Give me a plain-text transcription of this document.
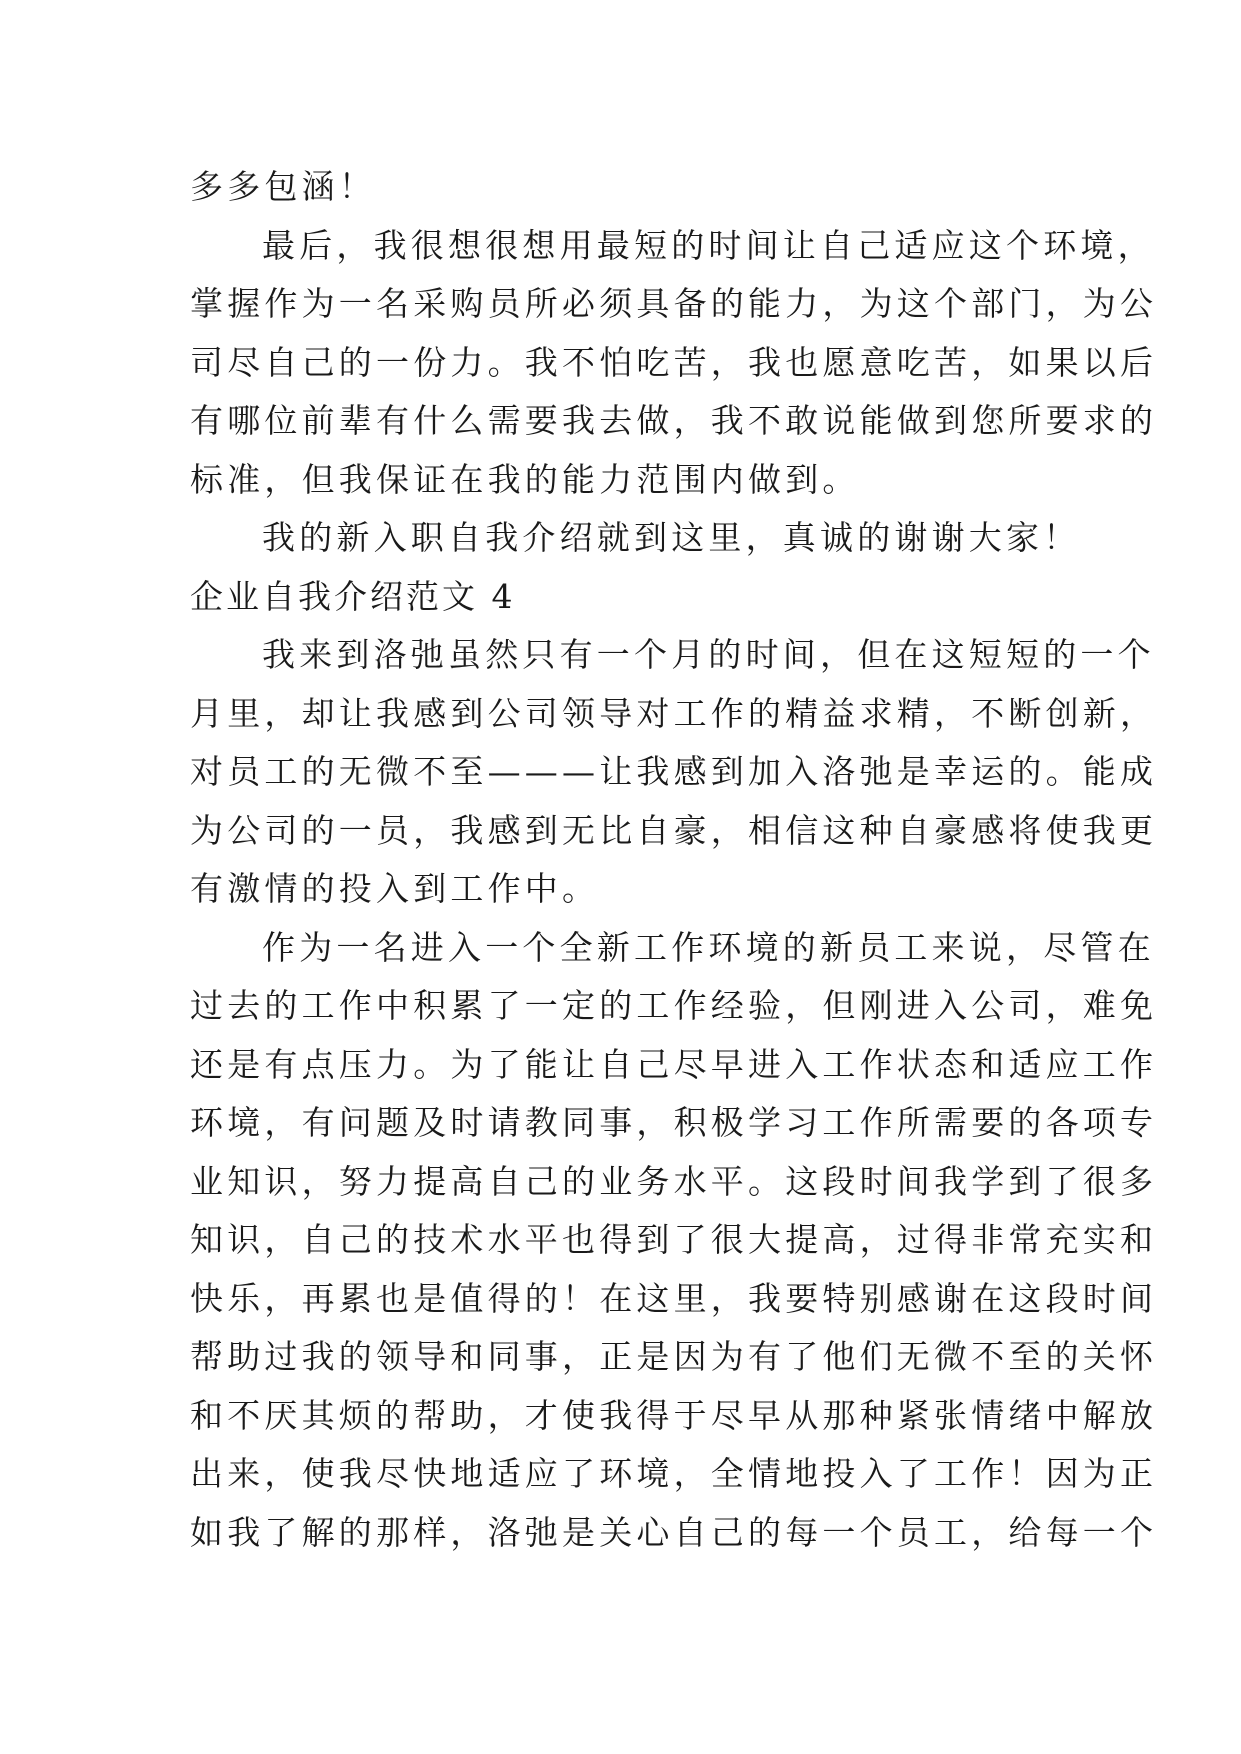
多多包涵！
最后，我很想很想用最短的时间让自己适应这个环境，
掌握作为一名采购员所必须具备的能力，为这个部门，为公
司尽自己的一份力。我不怕吃苦，我也愿意吃苦，如果以后
有哪位前辈有什么需要我去做，我不敢说能做到您所要求的
标准，但我保证在我的能力范围内做到。
我的新入职自我介绍就到这里，真诚的谢谢大家！
企业自我介绍范文 4
我来到洛弛虽然只有一个月的时间，但在这短短的一个
月里，却让我感到公司领导对工作的精益求精，不断创新，
对员工的无微不至———让我感到加入洛弛是幸运的。能成
为公司的一员，我感到无比自豪，相信这种自豪感将使我更
有激情的投入到工作中。
作为一名进入一个全新工作环境的新员工来说，尽管在
过去的工作中积累了一定的工作经验，但刚进入公司，难免
还是有点压力。为了能让自己尽早进入工作状态和适应工作
环境，有问题及时请教同事，积极学习工作所需要的各项专
业知识，努力提高自己的业务水平。这段时间我学到了很多
知识，自己的技术水平也得到了很大提高，过得非常充实和
快乐，再累也是值得的！在这里，我要特别感谢在这段时间
帮助过我的领导和同事，正是因为有了他们无微不至的关怀
和不厌其烦的帮助，才使我得于尽早从那种紧张情绪中解放
出来，使我尽快地适应了环境，全情地投入了工作！因为正
如我了解的那样，洛弛是关心自己的每一个员工，给每一个
